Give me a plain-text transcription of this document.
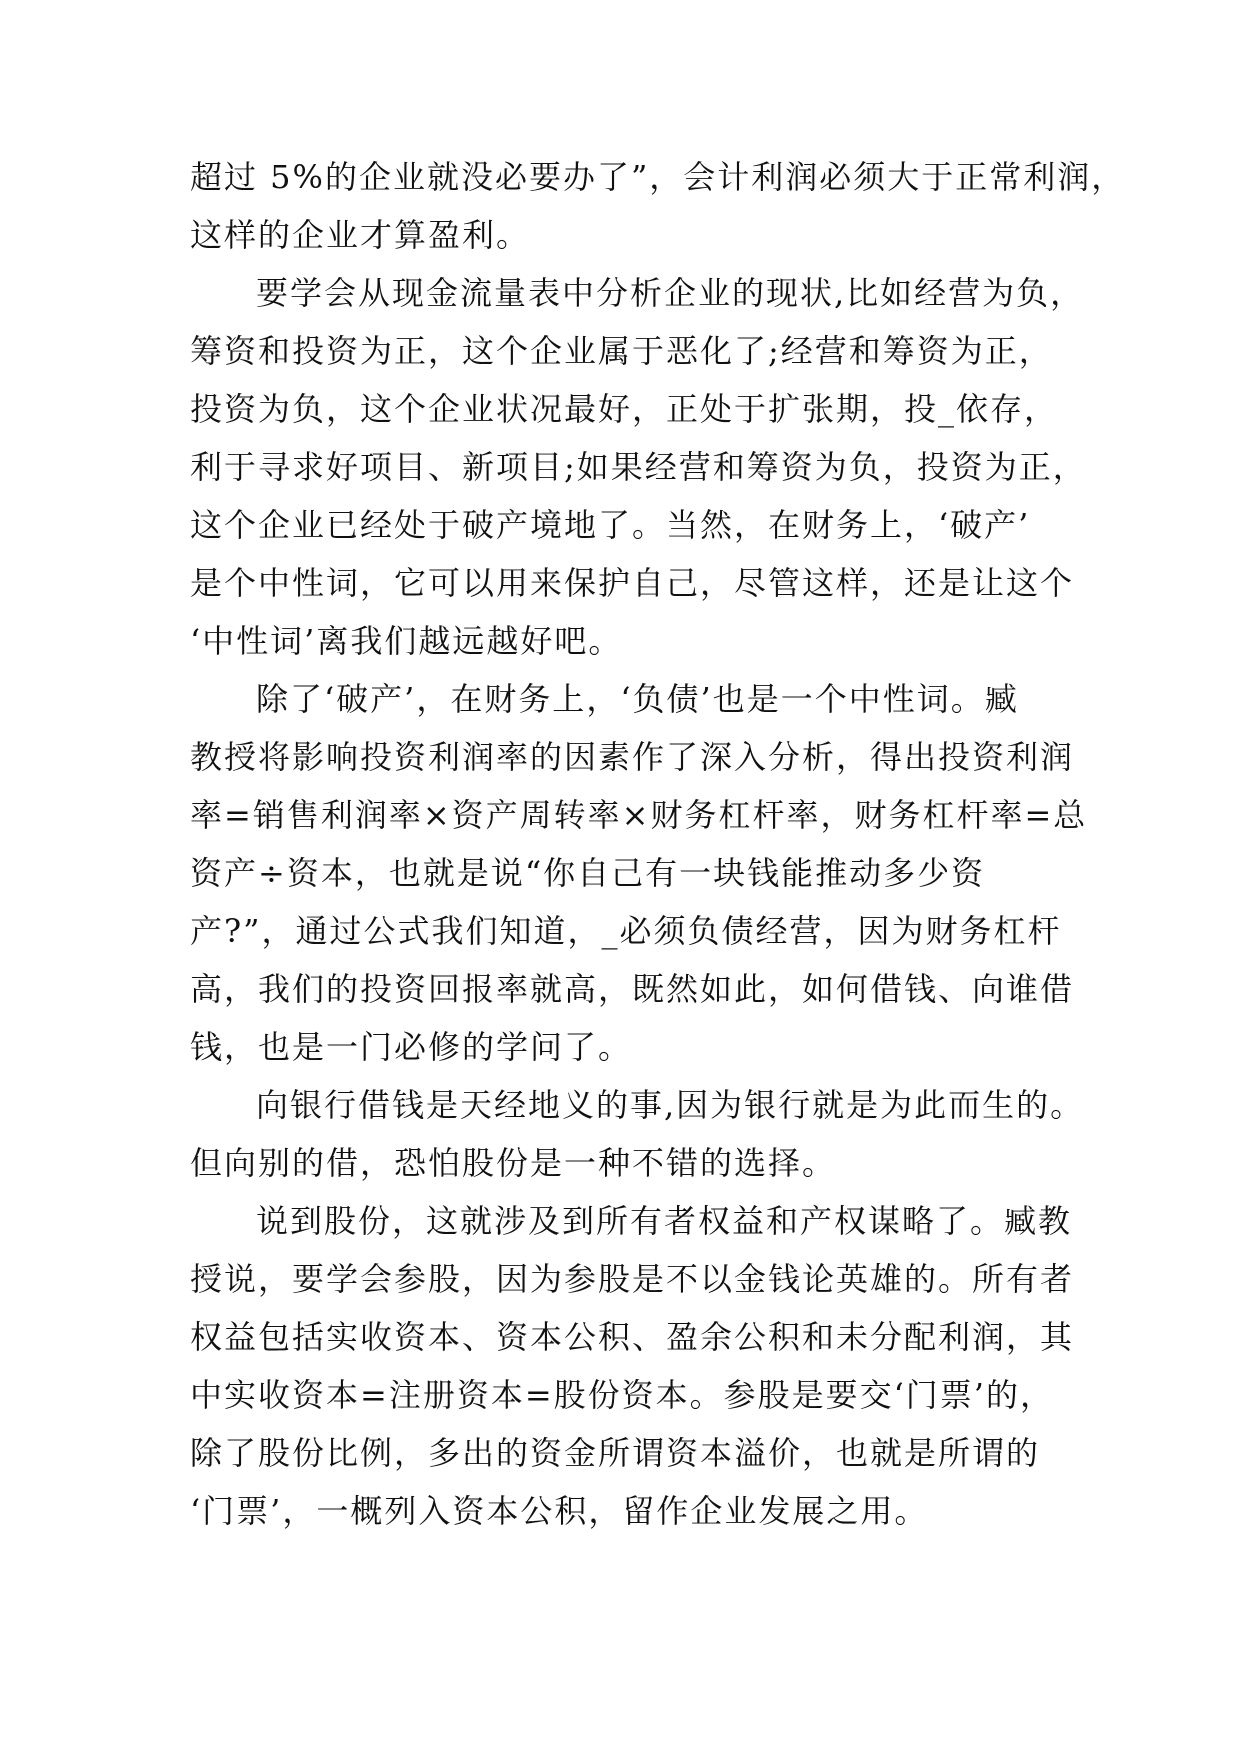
超过 5%的企业就没必要办了”，会计利润必须大于正常利润，
这样的企业才算盈利。
要学会从现金流量表中分析企业的现状,比如经营为负，
筹资和投资为正，这个企业属于恶化了;经营和筹资为正，
投资为负，这个企业状况最好，正处于扩张期，投_依存，
利于寻求好项目、新项目;如果经营和筹资为负，投资为正，
这个企业已经处于破产境地了。当然，在财务上，‘破产’
是个中性词，它可以用来保护自己，尽管这样，还是让这个
‘中性词’离我们越远越好吧。
除了‘破产’，在财务上，‘负债’也是一个中性词。臧
教授将影响投资利润率的因素作了深入分析，得出投资利润
率=销售利润率×资产周转率×财务杠杆率，财务杠杆率=总
资产÷资本，也就是说“你自己有一块钱能推动多少资
产?”，通过公式我们知道，_必须负债经营，因为财务杠杆
高，我们的投资回报率就高，既然如此，如何借钱、向谁借
钱，也是一门必修的学问了。
向银行借钱是天经地义的事,因为银行就是为此而生的。
但向别的借，恐怕股份是一种不错的选择。
说到股份，这就涉及到所有者权益和产权谋略了。臧教
授说，要学会参股，因为参股是不以金钱论英雄的。所有者
权益包括实收资本、资本公积、盈余公积和未分配利润，其
中实收资本=注册资本=股份资本。参股是要交‘门票’的，
除了股份比例，多出的资金所谓资本溢价，也就是所谓的
‘门票’，一概列入资本公积，留作企业发展之用。
